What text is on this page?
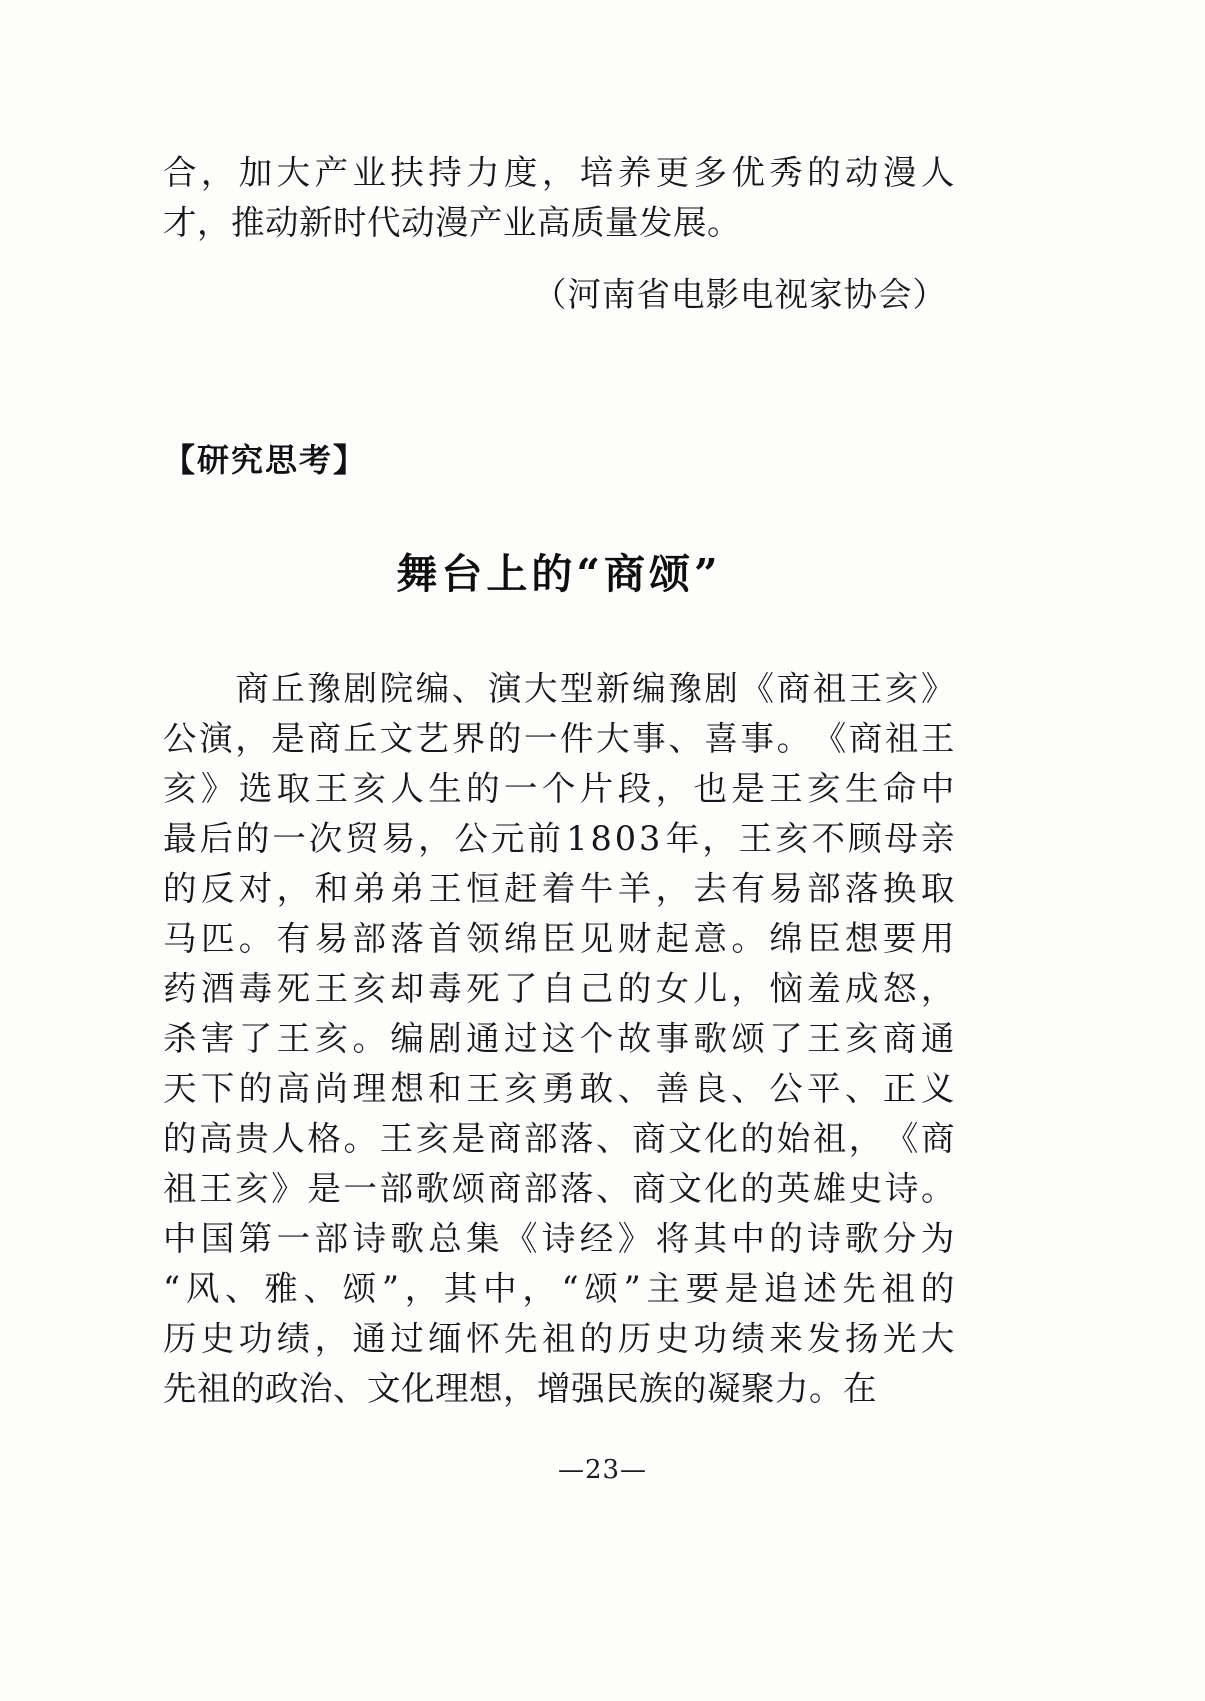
合 ， 加 大 产 业 扶 持 力 度 ， 培 养 更 多 优 秀 的 动 漫 人
才，推动新时代动漫产业高质量发展。
（河南省电影电视家协会）
【研究思考】
舞台上的“商颂”

商 丘 豫 剧 院 编 、 演 大 型 新 编 豫 剧 《 商 祖 王 亥 》
公 演 ， 是 商 丘 文 艺 界 的 一 件 大 事 、 喜 事 。 《 商 祖 王
亥 》 选 取 王 亥 人 生 的 一 个 片 段 ， 也 是 王 亥 生 命 中
最 后 的 一 次 贸 易 ， 公 元 前 1 8 0 3 年 ， 王 亥 不 顾 母 亲
的 反 对 ， 和 弟 弟 王 恒 赶 着 牛 羊 ， 去 有 易 部 落 换 取
马 匹 。 有 易 部 落 首 领 绵 臣 见 财 起 意 。 绵 臣 想 要 用
药 酒 毒 死 王 亥 却 毒 死 了 自 己 的 女 儿 ， 恼 羞 成 怒 ，
杀 害 了 王 亥 。 编 剧 通 过 这 个 故 事 歌 颂 了 王 亥 商 通
天 下 的 高 尚 理 想 和 王 亥 勇 敢 、 善 良 、 公 平 、 正 义
的 高 贵 人 格 。 王 亥 是 商 部 落 、 商 文 化 的 始 祖 ， 《 商
祖 王 亥 》 是 一 部 歌 颂 商 部 落 、 商 文 化 的 英 雄 史 诗 。
中 国 第 一 部 诗 歌 总 集 《 诗 经 》 将 其 中 的 诗 歌 分 为
“ 风 、 雅 、 颂 ” ， 其 中 ， “ 颂 ” 主 要 是 追 述 先 祖 的
历 史 功 绩 ， 通 过 缅 怀 先 祖 的 历 史 功 绩 来 发 扬 光 大
先祖的政治、文化理想，增强民族的凝聚力。在
—23—
